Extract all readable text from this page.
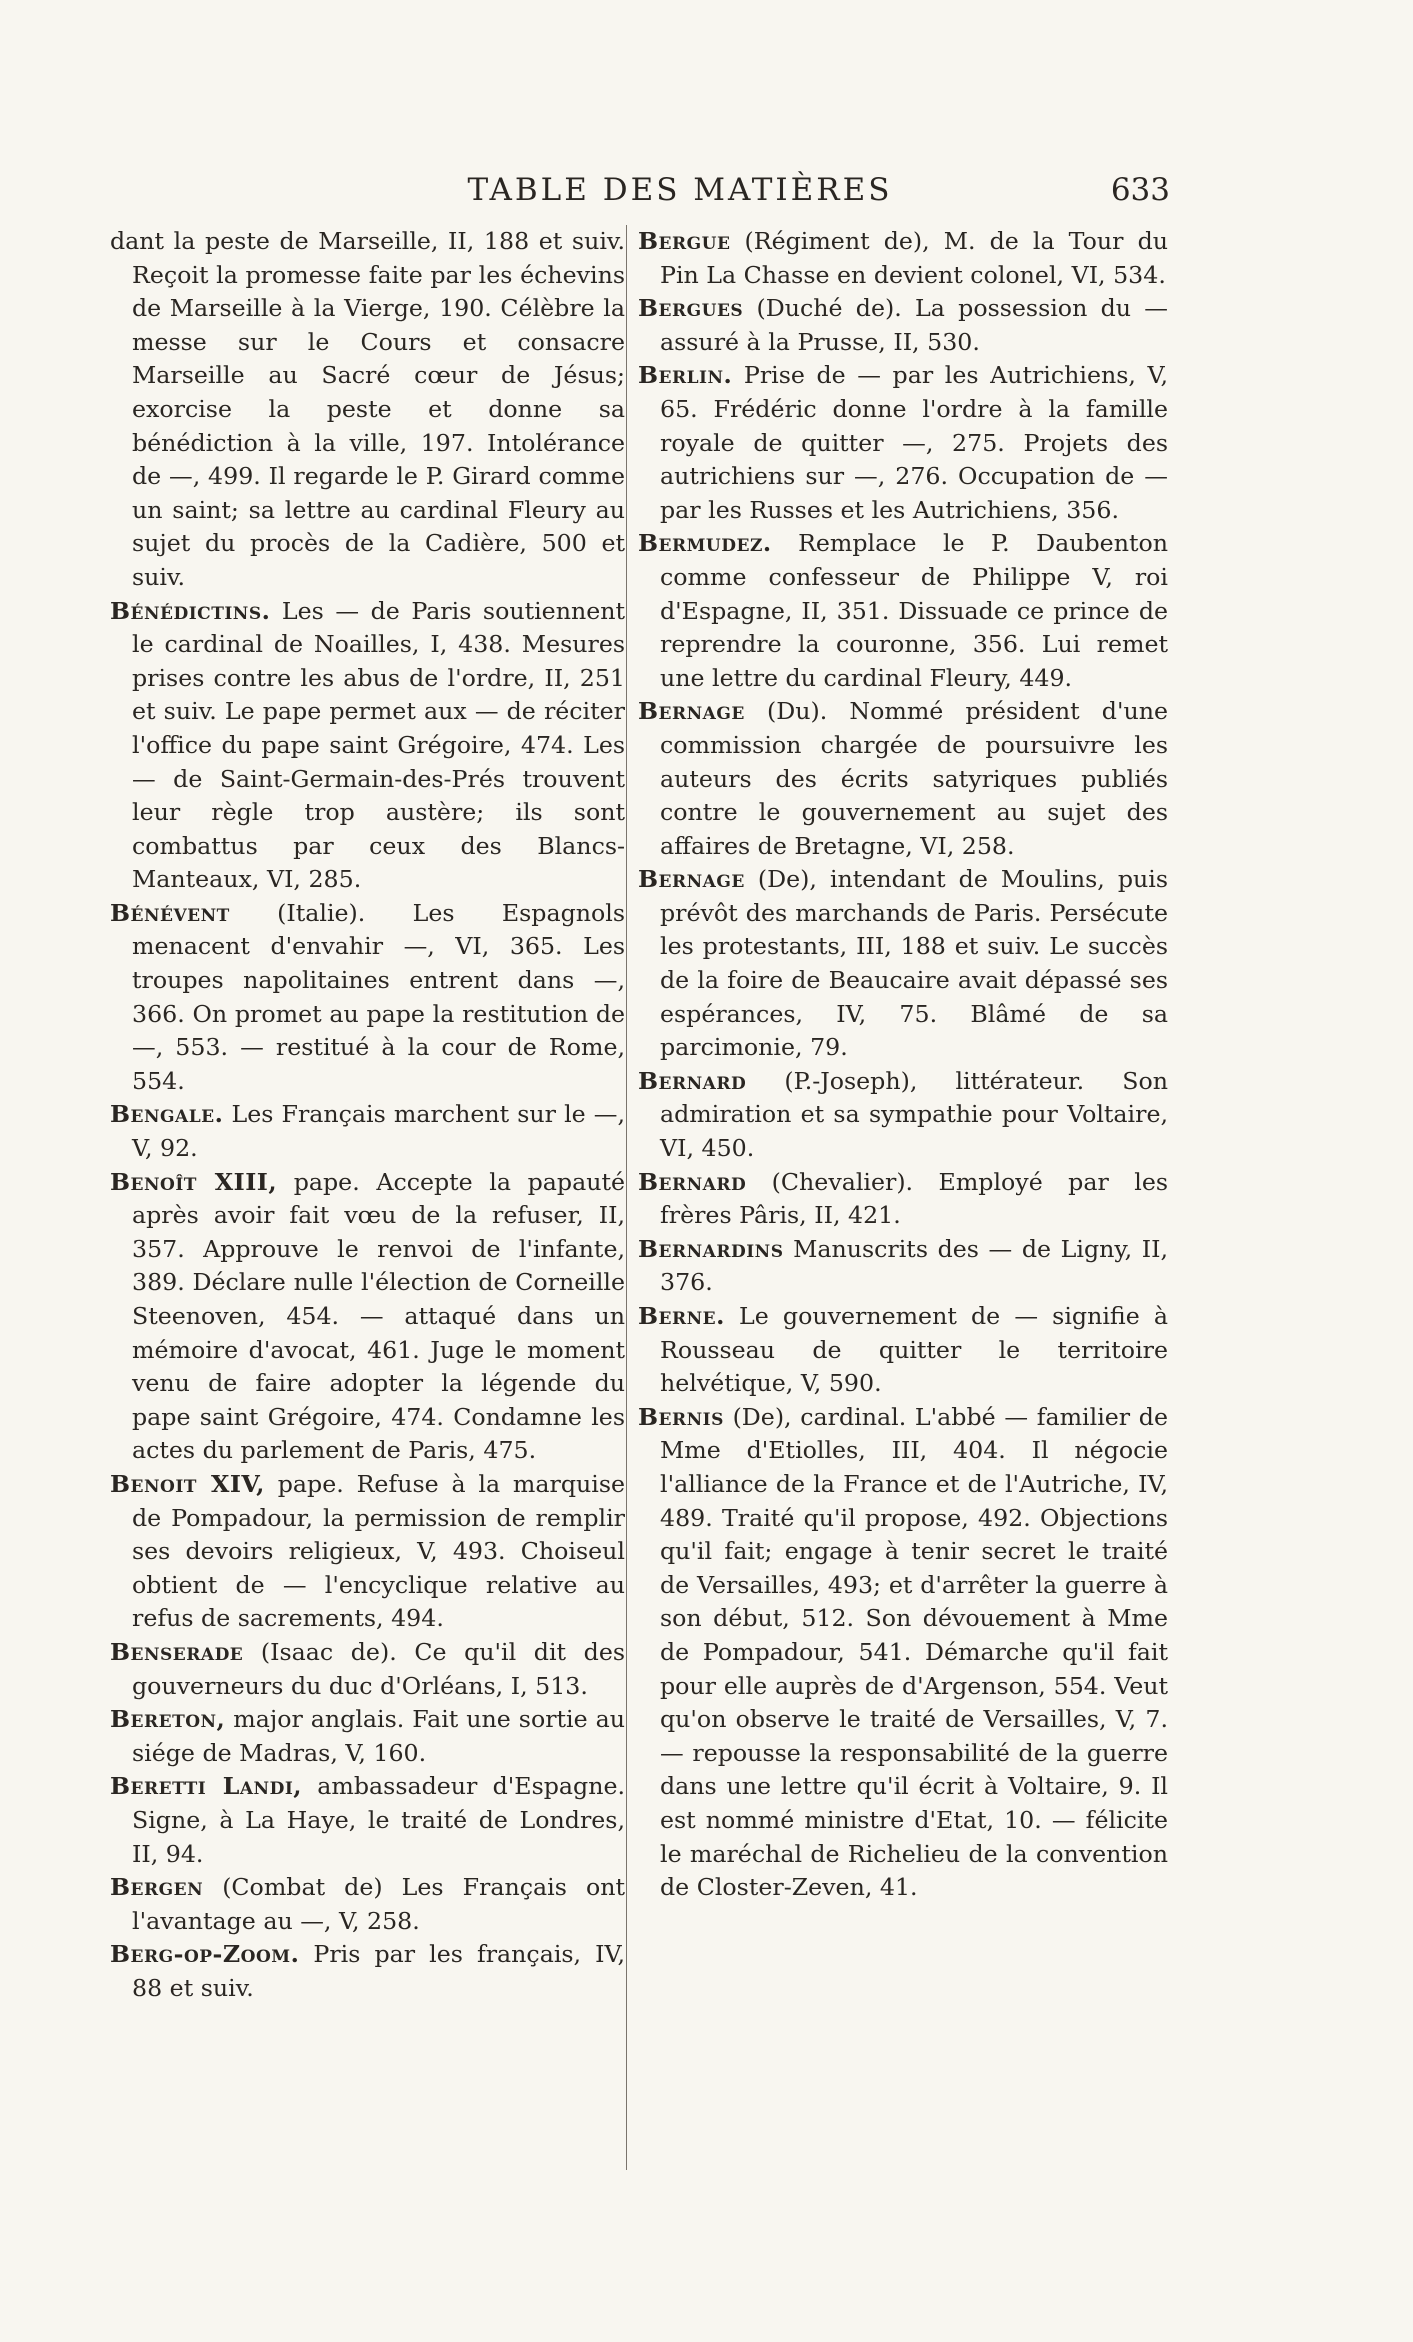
TABLE DES MATIÈRES	633

dant la peste de Marseille, II, 188 et suiv. Reçoit la promesse faite par les échevins de Marseille à la Vierge, 190. Célèbre la messe sur le Cours et consacre Marseille au Sacré cœur de Jésus; exorcise la peste et donne sa bénédiction à la ville, 197. Intolérance de —, 499. Il regarde le P. Girard comme un saint; sa lettre au cardinal Fleury au sujet du procès de la Cadière, 500 et suiv.

Bénédictins. Les — de Paris soutiennent le cardinal de Noailles, I, 438. Mesures prises contre les abus de l'ordre, II, 251 et suiv. Le pape permet aux — de réciter l'office du pape saint Grégoire, 474. Les — de Saint-Germain-des-Prés trouvent leur règle trop austère; ils sont combattus par ceux des Blancs-Manteaux, VI, 285.

Bénévent (Italie). Les Espagnols menacent d'envahir —, VI, 365. Les troupes napolitaines entrent dans —, 366. On promet au pape la restitution de —, 553. — restitué à la cour de Rome, 554.

Bengale. Les Français marchent sur le —, V, 92.

Benoît XIII, pape. Accepte la papauté après avoir fait vœu de la refuser, II, 357. Approuve le renvoi de l'infante, 389. Déclare nulle l'élection de Corneille Steenoven, 454. — attaqué dans un mémoire d'avocat, 461. Juge le moment venu de faire adopter la légende du pape saint Grégoire, 474. Condamne les actes du parlement de Paris, 475.

Benoit XIV, pape. Refuse à la marquise de Pompadour, la permission de remplir ses devoirs religieux, V, 493. Choiseul obtient de — l'encyclique relative au refus de sacrements, 494.

Benserade (Isaac de). Ce qu'il dit des gouverneurs du duc d'Orléans, I, 513.

Bereton, major anglais. Fait une sortie au siége de Madras, V, 160.

Beretti Landi, ambassadeur d'Espagne. Signe, à La Haye, le traité de Londres, II, 94.

Bergen (Combat de) Les Français ont l'avantage au —, V, 258.

Berg-op-Zoom. Pris par les français, IV, 88 et suiv.

Bergue (Régiment de), M. de la Tour du Pin La Chasse en devient colonel, VI, 534.

Bergues (Duché de). La possession du — assuré à la Prusse, II, 530.

Berlin. Prise de — par les Autrichiens, V, 65. Frédéric donne l'ordre à la famille royale de quitter —, 275. Projets des autrichiens sur —, 276. Occupation de — par les Russes et les Autrichiens, 356.

Bermudez. Remplace le P. Daubenton comme confesseur de Philippe V, roi d'Espagne, II, 351. Dissuade ce prince de reprendre la couronne, 356. Lui remet une lettre du cardinal Fleury, 449.

Bernage (Du). Nommé président d'une commission chargée de poursuivre les auteurs des écrits satyriques publiés contre le gouvernement au sujet des affaires de Bretagne, VI, 258.

Bernage (De), intendant de Moulins, puis prévôt des marchands de Paris. Persécute les protestants, III, 188 et suiv. Le succès de la foire de Beaucaire avait dépassé ses espérances, IV, 75. Blâmé de sa parcimonie, 79.

Bernard (P.-Joseph), littérateur. Son admiration et sa sympathie pour Voltaire, VI, 450.

Bernard (Chevalier). Employé par les frères Pâris, II, 421.

Bernardins Manuscrits des — de Ligny, II, 376.

Berne. Le gouvernement de — signifie à Rousseau de quitter le territoire helvétique, V, 590.

Bernis (De), cardinal. L'abbé — familier de Mme d'Etiolles, III, 404. Il négocie l'alliance de la France et de l'Autriche, IV, 489. Traité qu'il propose, 492. Objections qu'il fait; engage à tenir secret le traité de Versailles, 493; et d'arrêter la guerre à son début, 512. Son dévouement à Mme de Pompadour, 541. Démarche qu'il fait pour elle auprès de d'Argenson, 554. Veut qu'on observe le traité de Versailles, V, 7. — repousse la responsabilité de la guerre dans une lettre qu'il écrit à Voltaire, 9. Il est nommé ministre d'Etat, 10. — félicite le maréchal de Richelieu de la convention de Closter-Zeven, 41.
